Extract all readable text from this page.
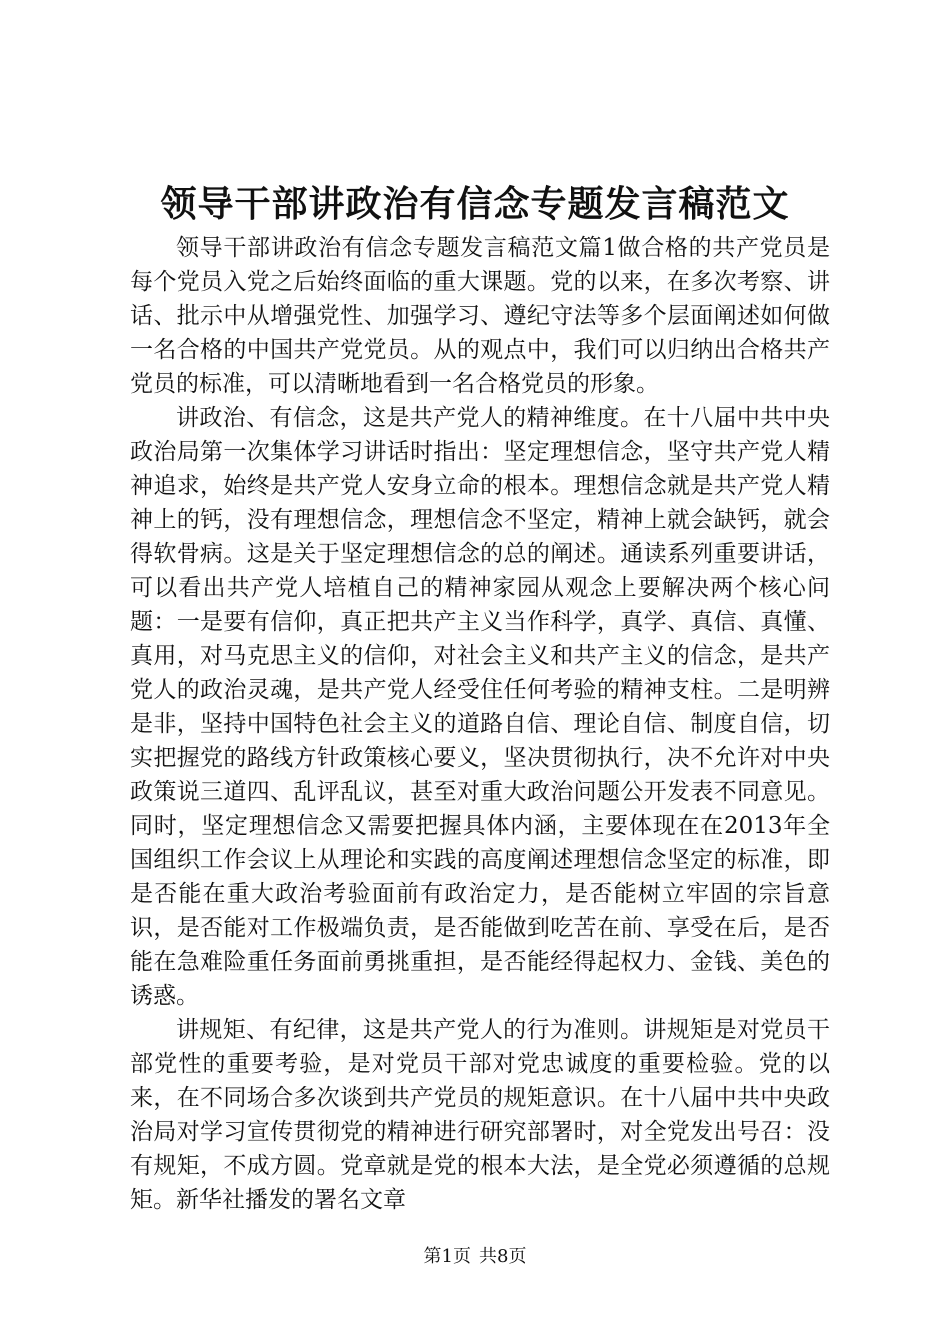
领导干部讲政治有信念专题发言稿范文

领导干部讲政治有信念专题发言稿范文篇1做合格的共产党员是每个党员入党之后始终面临的重大课题。党的以来，在多次考察、讲话、批示中从增强党性、加强学习、遵纪守法等多个层面阐述如何做一名合格的中国共产党党员。从的观点中，我们可以归纳出合格共产党员的标准，可以清晰地看到一名合格党员的形象。

讲政治、有信念，这是共产党人的精神维度。在十八届中共中央政治局第一次集体学习讲话时指出：坚定理想信念，坚守共产党人精神追求，始终是共产党人安身立命的根本。理想信念就是共产党人精神上的钙，没有理想信念，理想信念不坚定，精神上就会缺钙，就会得软骨病。这是关于坚定理想信念的总的阐述。通读系列重要讲话，可以看出共产党人培植自己的精神家园从观念上要解决两个核心问题：一是要有信仰，真正把共产主义当作科学，真学、真信、真懂、真用，对马克思主义的信仰，对社会主义和共产主义的信念，是共产党人的政治灵魂，是共产党人经受住任何考验的精神支柱。二是明辨是非，坚持中国特色社会主义的道路自信、理论自信、制度自信，切实把握党的路线方针政策核心要义，坚决贯彻执行，决不允许对中央政策说三道四、乱评乱议，甚至对重大政治问题公开发表不同意见。同时，坚定理想信念又需要把握具体内涵，主要体现在在2013年全国组织工作会议上从理论和实践的高度阐述理想信念坚定的标准，即是否能在重大政治考验面前有政治定力，是否能树立牢固的宗旨意识，是否能对工作极端负责，是否能做到吃苦在前、享受在后，是否能在急难险重任务面前勇挑重担，是否能经得起权力、金钱、美色的诱惑。

讲规矩、有纪律，这是共产党人的行为准则。讲规矩是对党员干部党性的重要考验，是对党员干部对党忠诚度的重要检验。党的以来，在不同场合多次谈到共产党员的规矩意识。在十八届中共中央政治局对学习宣传贯彻党的精神进行研究部署时，对全党发出号召：没有规矩，不成方圆。党章就是党的根本大法，是全党必须遵循的总规矩。新华社播发的署名文章

第1页 共8页
